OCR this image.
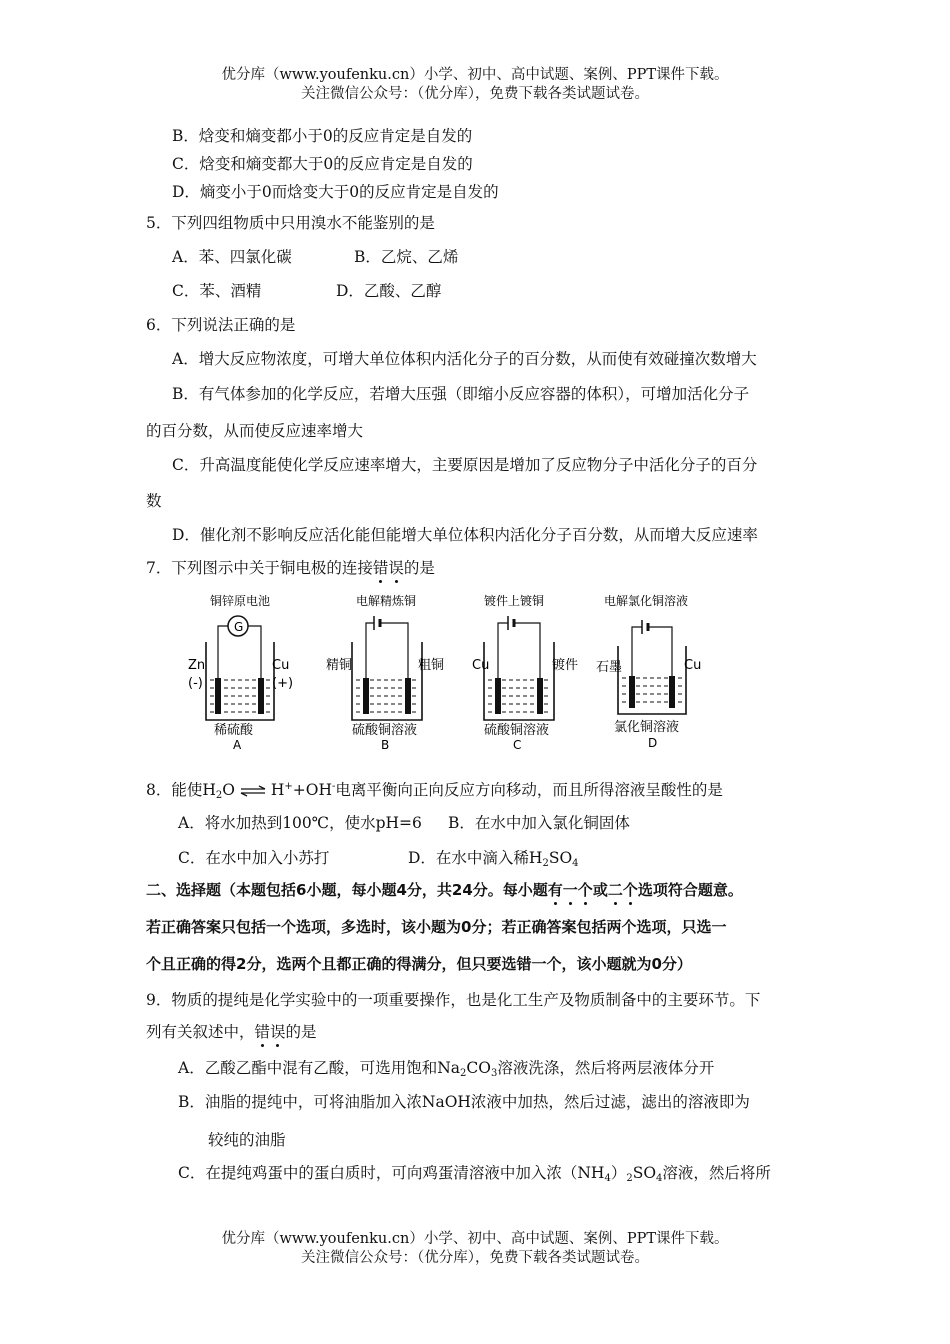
优分库（www.youfenku.cn）小学、初中、高中试题、案例、PPT课件下载。
关注微信公众号：（优分库），免费下载各类试题试卷。
B．焓变和熵变都小于0的反应肯定是自发的
C．焓变和熵变都大于0的反应肯定是自发的
D．熵变小于0而焓变大于0的反应肯定是自发的
5．下列四组物质中只用溴水不能鉴别的是
A．苯、四氯化碳	B．乙烷、乙烯
C．苯、酒精	D．乙酸、乙醇
6．下列说法正确的是
A．增大反应物浓度，可增大单位体积内活化分子的百分数，从而使有效碰撞次数增大
B．有气体参加的化学反应，若增大压强（即缩小反应容器的体积），可增加活化分子
的百分数，从而使反应速率增大
C．升高温度能使化学反应速率增大，主要原因是增加了反应物分子中活化分子的百分
数
D．催化剂不影响反应活化能但能增大单位体积内活化分子百分数，从而增大反应速率
7．下列图示中关于铜电极的连接错误的是
铜锌原电池
G
Zn
(-)
Cu
(+)
稀硫酸
A
电解精炼铜
精铜	粗铜
硫酸铜溶液
B
镀件上镀铜
Cu	镀件
硫酸铜溶液
C
电解氯化铜溶液
石墨	Cu
氯化铜溶液
D
8．能使$H_2O$ ⇌ H++OH-电离平衡向正向反应方向移动，而且所得溶液呈酸性的是
A．将水加热到100℃，使水pH=6 B．在水中加入氯化铜固体
C．在水中加入小苏打	D．在水中滴入稀$H_2SO_4$
二、选择题（本题包括6小题，每小题4分，共24分。每小题有一个或二个选项符合题意。
若正确答案只包括一个选项，多选时，该小题为0分；若正确答案包括两个选项，只选一
个且正确的得2分，选两个且都正确的得满分，但只要选错一个，该小题就为0分）
9．物质的提纯是化学实验中的一项重要操作，也是化工生产及物质制备中的主要环节。下
列有关叙述中，错误的是
A．乙酸乙酯中混有乙酸，可选用饱和$Na_2CO_3$溶液洗涤，然后将两层液体分开
B．油脂的提纯中，可将油脂加入浓NaOH浓液中加热，然后过滤，滤出的溶液即为
较纯的油脂
C．在提纯鸡蛋中的蛋白质时，可向鸡蛋清溶液中加入浓$(NH_4)_2SO_4$溶液，然后将所
优分库（www.youfenku.cn）小学、初中、高中试题、案例、PPT课件下载。
关注微信公众号：（优分库），免费下载各类试题试卷。
